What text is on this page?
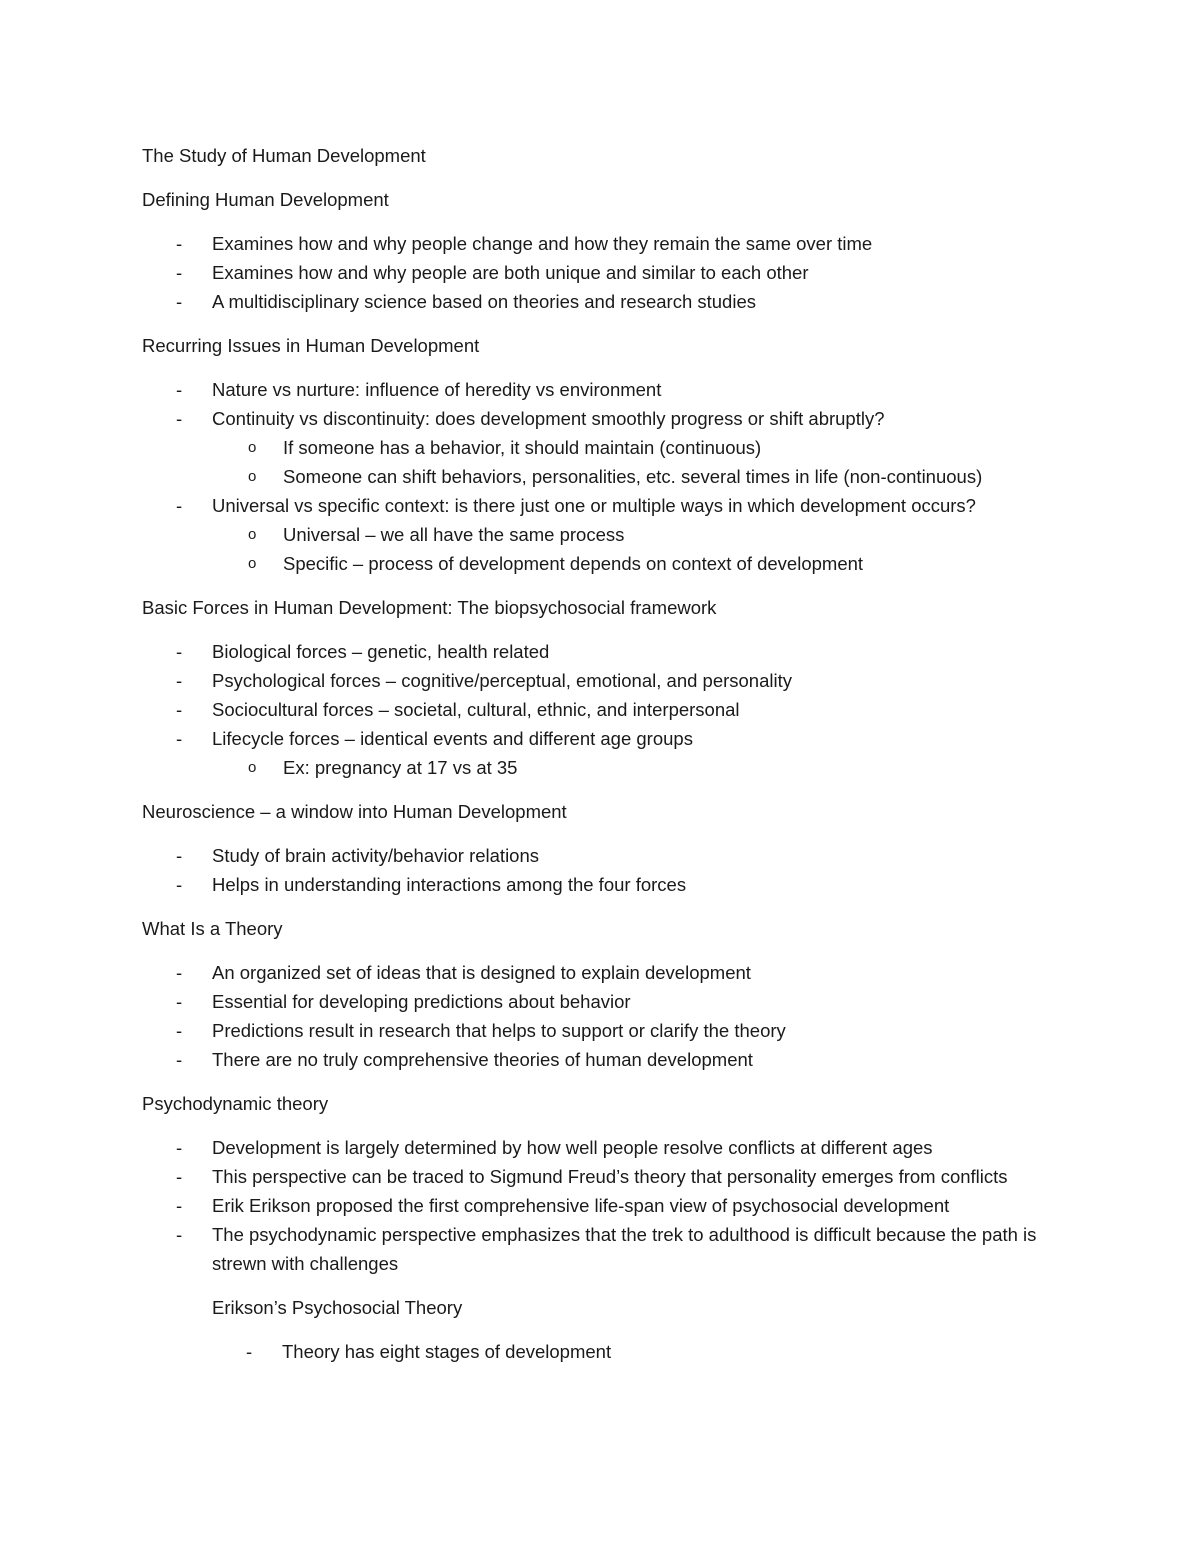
The Study of Human Development
Defining Human Development
-	Examines how and why people change and how they remain the same over time
-	Examines how and why people are both unique and similar to each other
-	A multidisciplinary science based on theories and research studies
Recurring Issues in Human Development
-	Nature vs nurture: influence of heredity vs environment
-	Continuity vs discontinuity: does development smoothly progress or shift abruptly?
o	If someone has a behavior, it should maintain (continuous)
o	Someone can shift behaviors, personalities, etc. several times in life (non-continuous)
-	Universal vs specific context: is there just one or multiple ways in which development occurs?
o	Universal – we all have the same process
o	Specific – process of development depends on context of development
Basic Forces in Human Development: The biopsychosocial framework
-	Biological forces – genetic, health related
-	Psychological forces – cognitive/perceptual, emotional, and personality
-	Sociocultural forces – societal, cultural, ethnic, and interpersonal
-	Lifecycle forces – identical events and different age groups
o	Ex: pregnancy at 17 vs at 35
Neuroscience – a window into Human Development
-	Study of brain activity/behavior relations
-	Helps in understanding interactions among the four forces
What Is a Theory
-	An organized set of ideas that is designed to explain development
-	Essential for developing predictions about behavior
-	Predictions result in research that helps to support or clarify the theory
-	There are no truly comprehensive theories of human development
Psychodynamic theory
-	Development is largely determined by how well people resolve conflicts at different ages
-	This perspective can be traced to Sigmund Freud’s theory that personality emerges from conflicts
-	Erik Erikson proposed the first comprehensive life-span view of psychosocial development
-	The psychodynamic perspective emphasizes that the trek to adulthood is difficult because the path is strewn with challenges
Erikson’s Psychosocial Theory
-	Theory has eight stages of development
